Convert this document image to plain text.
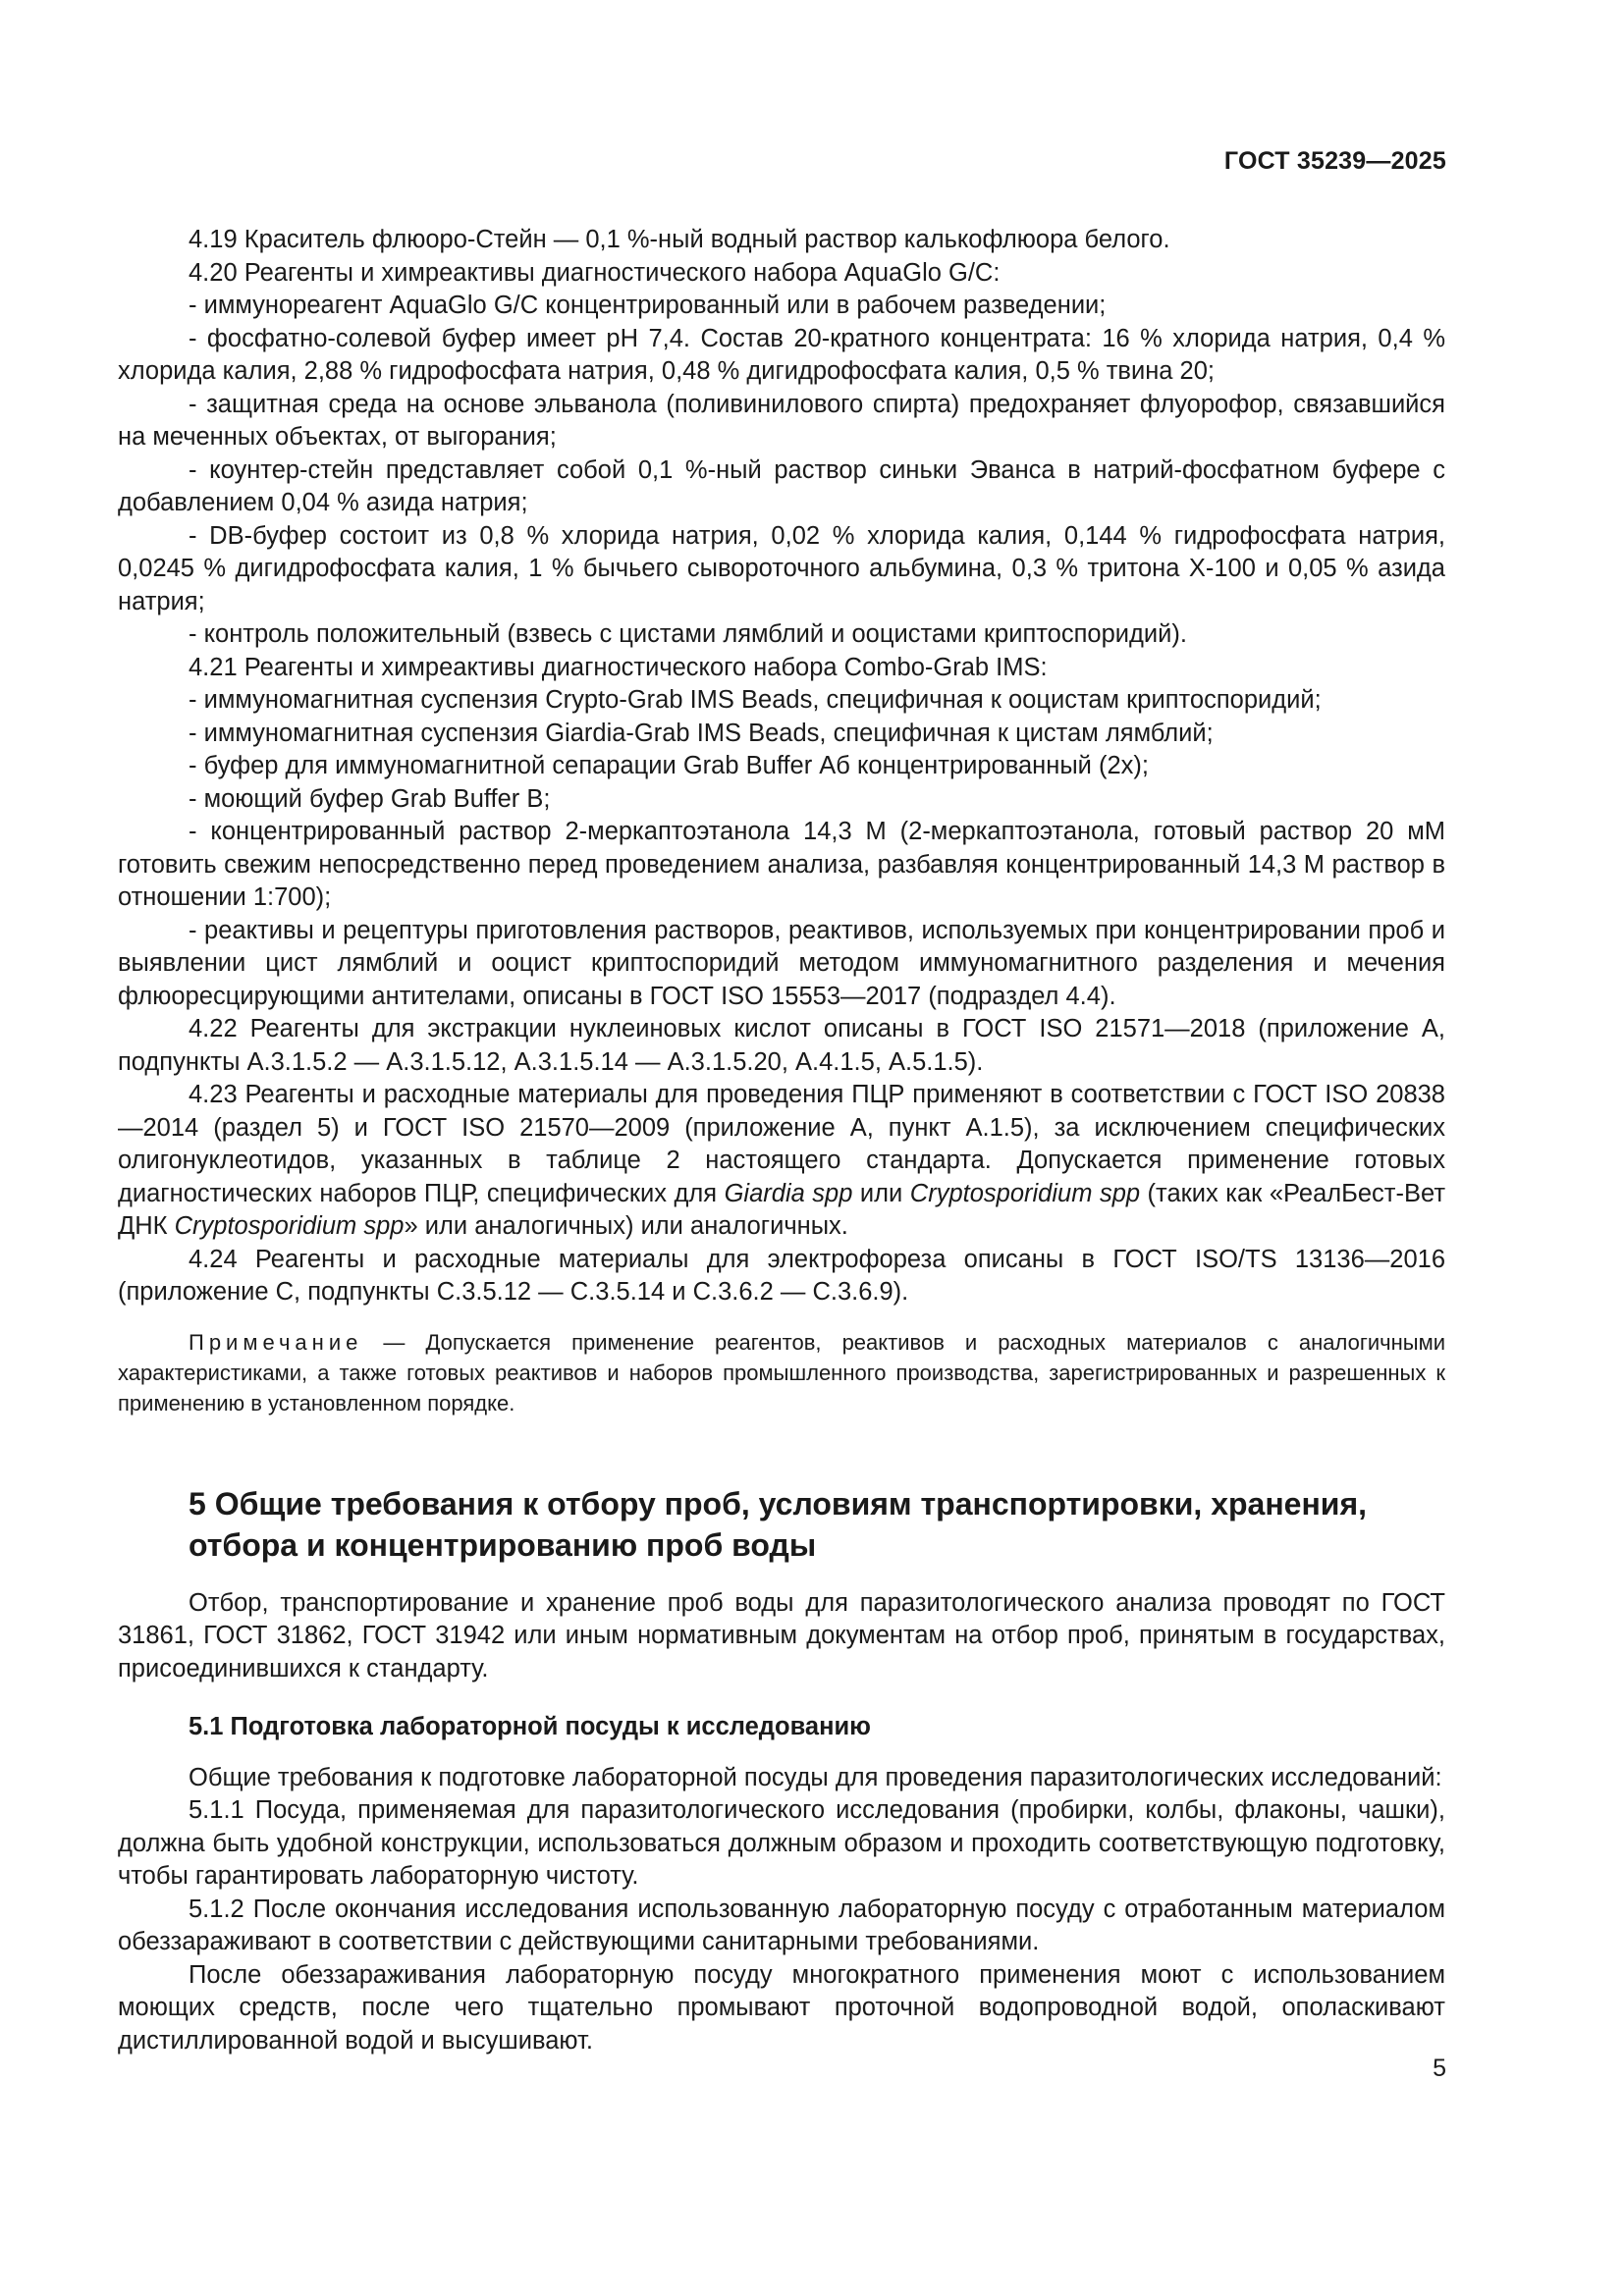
ГОСТ 35239—2025

4.19 Краситель флюоро-Стейн — 0,1 %-ный водный раствор калькофлюора белого.

4.20 Реагенты и химреактивы диагностического набора AquaGlo G/C:

- иммунореагент AquaGlo G/C концентрированный или в рабочем разведении;

- фосфатно-солевой буфер имеет рН 7,4. Состав 20-кратного концентрата: 16 % хлорида натрия, 0,4 % хлорида калия, 2,88 % гидрофосфата натрия, 0,48 % дигидрофосфата калия, 0,5 % твина 20;

- защитная среда на основе эльванола (поливинилового спирта) предохраняет флуорофор, связавшийся на меченных объектах, от выгорания;

- коунтер-стейн представляет собой 0,1 %-ный раствор синьки Эванса в натрий-фосфатном буфере с добавлением 0,04 % азида натрия;

- DB-буфер состоит из 0,8 % хлорида натрия, 0,02 % хлорида калия, 0,144 % гидрофосфата натрия, 0,0245 % дигидрофосфата калия, 1 % бычьего сывороточного альбумина, 0,3 % тритона Х-100 и 0,05 % азида натрия;

- контроль положительный (взвесь с цистами лямблий и ооцистами криптоспоридий).

4.21 Реагенты и химреактивы диагностического набора Combo-Grab IMS:

- иммуномагнитная суспензия Crypto-Grab IMS Beads, специфичная к ооцистам криптоспоридий;

- иммуномагнитная суспензия Giardia-Grab IMS Beads, специфичная к цистам лямблий;

- буфер для иммуномагнитной сепарации Grab Buffer Аб концентрированный (2х);

- моющий буфер Grab Buffer B;

- концентрированный раствор 2-меркаптоэтанола 14,3 М (2-меркаптоэтанола, готовый раствор 20 мМ готовить свежим непосредственно перед проведением анализа, разбавляя концентрированный 14,3 М раствор в отношении 1:700);

- реактивы и рецептуры приготовления растворов, реактивов, используемых при концентрировании проб и выявлении цист лямблий и ооцист криптоспоридий методом иммуномагнитного разделения и мечения флюоресцирующими антителами, описаны в ГОСТ ISO 15553—2017 (подраздел 4.4).

4.22 Реагенты для экстракции нуклеиновых кислот описаны в ГОСТ ISO 21571—2018 (приложение А, подпункты А.3.1.5.2 — А.3.1.5.12, А.3.1.5.14 — А.3.1.5.20, А.4.1.5, А.5.1.5).

4.23 Реагенты и расходные материалы для проведения ПЦР применяют в соответствии с ГОСТ ISO 20838—2014 (раздел 5) и ГОСТ ISO 21570—2009 (приложение А, пункт А.1.5), за исключением специфических олигонуклеотидов, указанных в таблице 2 настоящего стандарта. Допускается применение готовых диагностических наборов ПЦР, специфических для Giardia spp или Cryptosporidium spp (таких как «РеалБест-Вет ДНК Cryptosporidium spp» или аналогичных) или аналогичных.

4.24 Реагенты и расходные материалы для электрофореза описаны в ГОСТ ISO/TS 13136—2016 (приложение С, подпункты С.3.5.12 — С.3.5.14 и С.3.6.2 — С.3.6.9).

Примечание — Допускается применение реагентов, реактивов и расходных материалов с аналогичными характеристиками, а также готовых реактивов и наборов промышленного производства, зарегистрированных и разрешенных к применению в установленном порядке.

5 Общие требования к отбору проб, условиям транспортировки, хранения, отбора и концентрированию проб воды

Отбор, транспортирование и хранение проб воды для паразитологического анализа проводят по ГОСТ 31861, ГОСТ 31862, ГОСТ 31942 или иным нормативным документам на отбор проб, принятым в государствах, присоединившихся к стандарту.

5.1 Подготовка лабораторной посуды к исследованию

Общие требования к подготовке лабораторной посуды для проведения паразитологических исследований:

5.1.1 Посуда, применяемая для паразитологического исследования (пробирки, колбы, флаконы, чашки), должна быть удобной конструкции, использоваться должным образом и проходить соответствующую подготовку, чтобы гарантировать лабораторную чистоту.

5.1.2 После окончания исследования использованную лабораторную посуду с отработанным материалом обеззараживают в соответствии с действующими санитарными требованиями.

После обеззараживания лабораторную посуду многократного применения моют с использованием моющих средств, после чего тщательно промывают проточной водопроводной водой, ополаскивают дистиллированной водой и высушивают.

5
